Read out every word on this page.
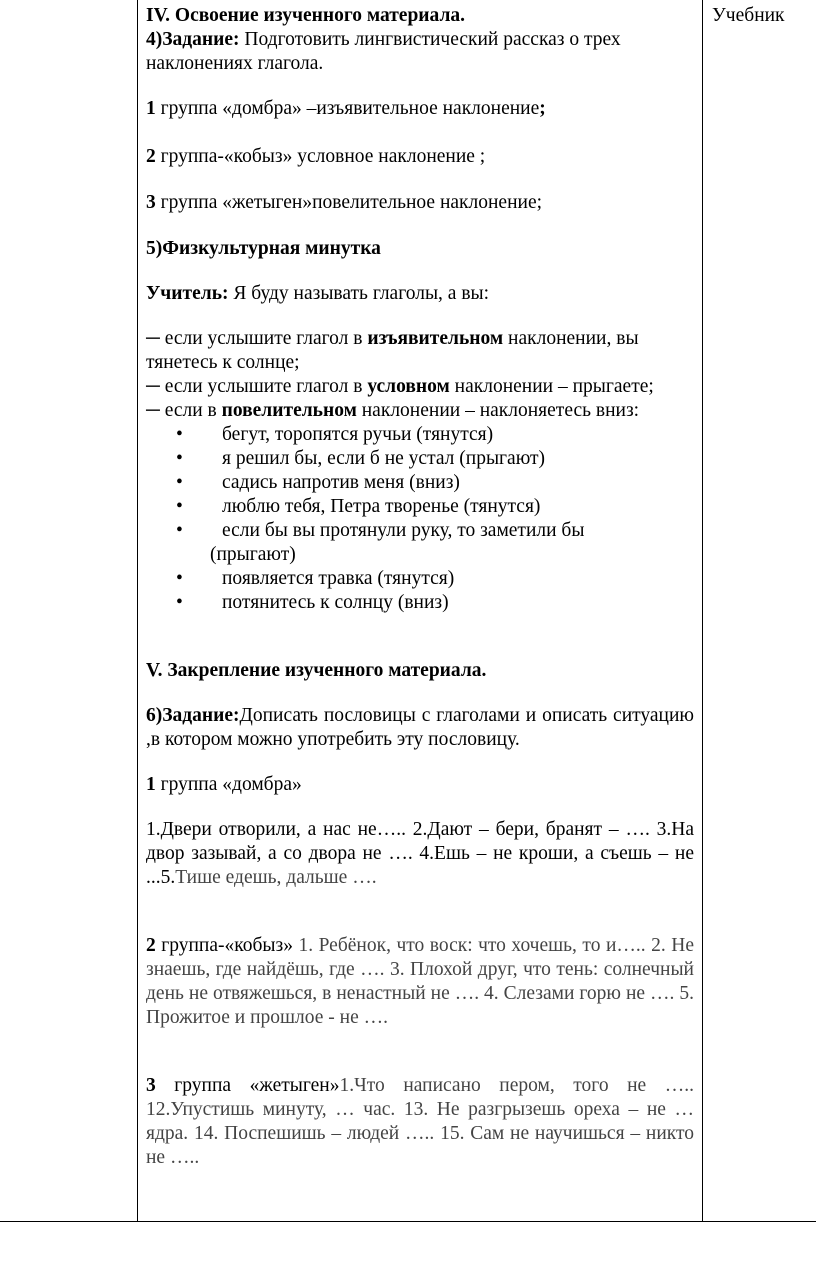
Учебник

IV. Освоение изученного материала.

4)Задание: Подготовить лингвистический рассказ о трех наклонениях глагола.

1 группа «домбра» –изъявительное наклонение;

2 группа-«кобыз» условное наклонение ;

3 группа «жетыген»повелительное наклонение;

5)Физкультурная минутка

Учитель: Я буду называть глаголы, а вы:

─ если услышите глагол в изъявительном наклонении, вы тянетесь к солнце;

─ если услышите глагол в условном наклонении – прыгаете;

─ если в повелительном наклонении – наклоняетесь вниз:

• бегут, торопятся ручьи (тянутся)
• я решил бы, если б не устал (прыгают)
• садись напротив меня (вниз)
• люблю тебя, Петра творенье (тянутся)
• если бы вы протянули руку, то заметили бы
(прыгают)
• появляется травка (тянутся)
• потянитесь к солнцу (вниз)

V. Закрепление изученного материала.

6)Задание:Дописать пословицы с глаголами и описать ситуацию ,в котором можно употребить эту пословицу.

1 группа «домбра»

1.Двери отворили, а нас не….. 2.Дают – бери, бранят – …. 3.На двор зазывай, а со двора не …. 4.Ешь – не кроши, а съешь – не ...5.Тише едешь, дальше ….

2 группа-«кобыз» 1. Ребёнок, что воск: что хочешь, то и….. 2. Не знаешь, где найдёшь, где …. 3. Плохой друг, что тень: солнечный день не отвяжешься, в ненастный не …. 4. Слезами горю не …. 5. Прожитое и прошлое - не ….

3 группа «жетыген»1.Что написано пером, того не ….. 12.Упустишь минуту, … час. 13. Не разгрызешь ореха – не … ядра. 14. Поспешишь – людей ….. 15. Сам не научишься – никто не …..
